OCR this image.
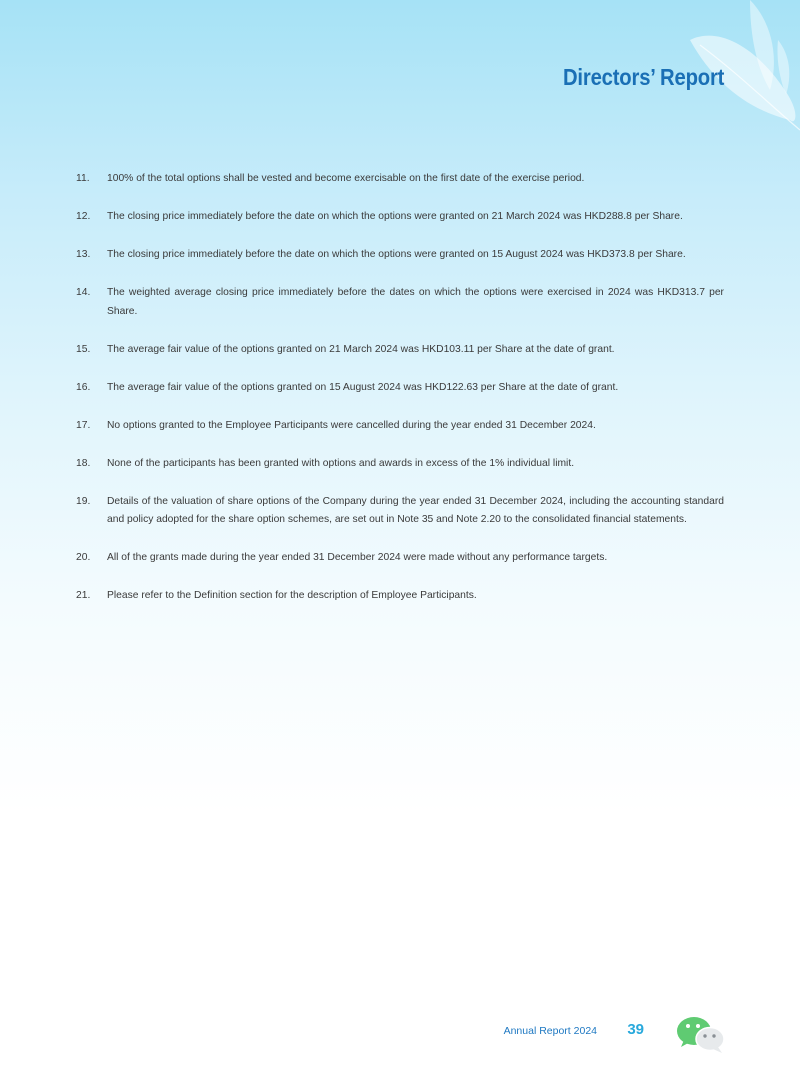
Directors’ Report
11.	100% of the total options shall be vested and become exercisable on the first date of the exercise period.
12.	The closing price immediately before the date on which the options were granted on 21 March 2024 was HKD288.8 per Share.
13.	The closing price immediately before the date on which the options were granted on 15 August 2024 was HKD373.8 per Share.
14.	The weighted average closing price immediately before the dates on which the options were exercised in 2024 was HKD313.7 per Share.
15.	The average fair value of the options granted on 21 March 2024 was HKD103.11 per Share at the date of grant.
16.	The average fair value of the options granted on 15 August 2024 was HKD122.63 per Share at the date of grant.
17.	No options granted to the Employee Participants were cancelled during the year ended 31 December 2024.
18.	None of the participants has been granted with options and awards in excess of the 1% individual limit.
19.	Details of the valuation of share options of the Company during the year ended 31 December 2024, including the accounting standard and policy adopted for the share option schemes, are set out in Note 35 and Note 2.20 to the consolidated financial statements.
20.	All of the grants made during the year ended 31 December 2024 were made without any performance targets.
21.	Please refer to the Definition section for the description of Employee Participants.
Annual Report 2024 39
